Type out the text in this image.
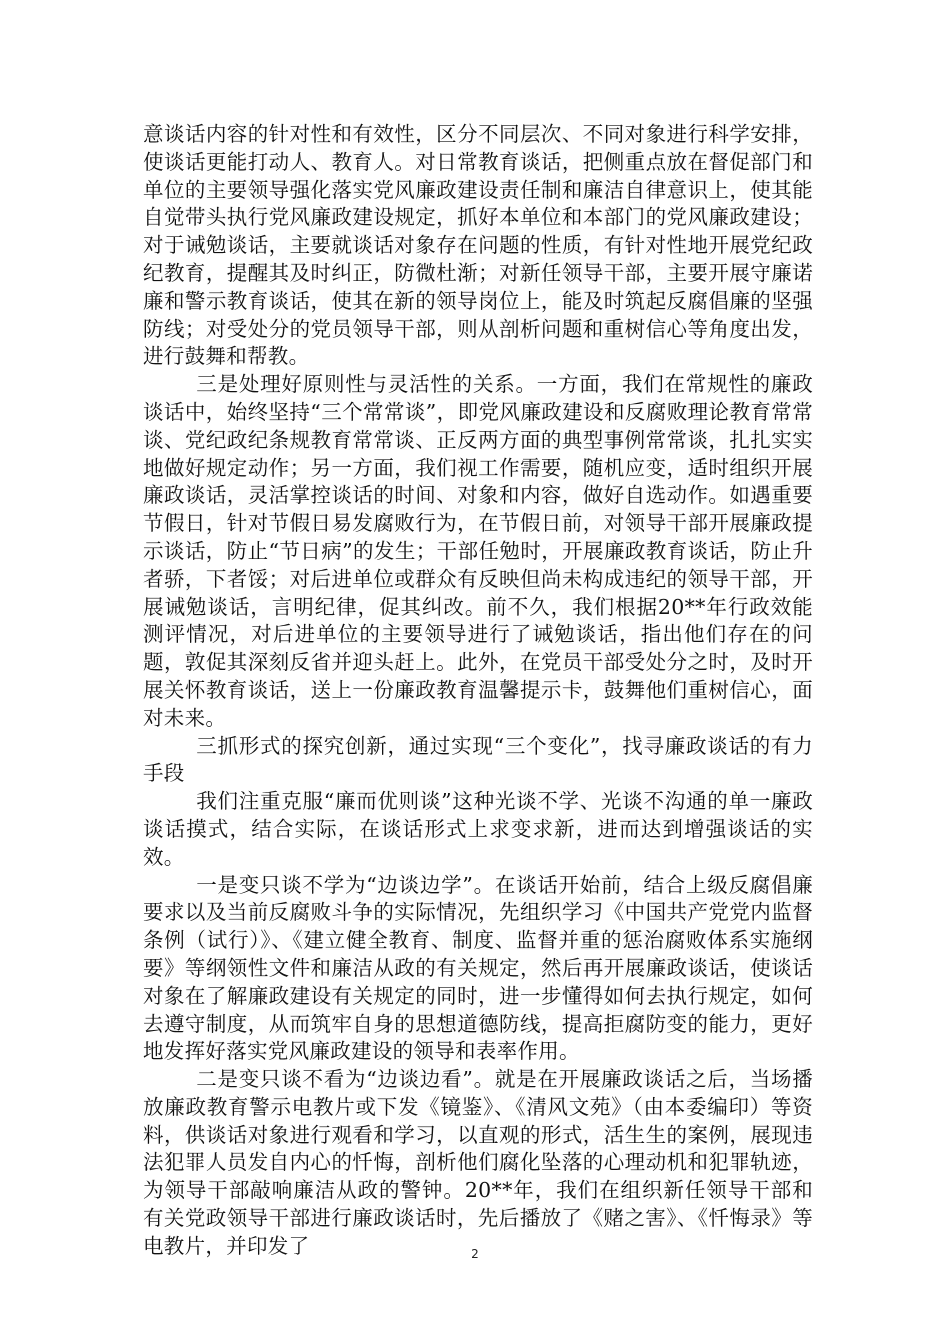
意谈话内容的针对性和有效性，区分不同层次、不同对象进行科学安排，使谈话更能打动人、教育人。对日常教育谈话，把侧重点放在督促部门和单位的主要领导强化落实党风廉政建设责任制和廉洁自律意识上，使其能自觉带头执行党风廉政建设规定，抓好本单位和本部门的党风廉政建设；对于诫勉谈话，主要就谈话对象存在问题的性质，有针对性地开展党纪政纪教育，提醒其及时纠正，防微杜渐；对新任领导干部，主要开展守廉诺廉和警示教育谈话，使其在新的领导岗位上，能及时筑起反腐倡廉的坚强防线；对受处分的党员领导干部，则从剖析问题和重树信心等角度出发，进行鼓舞和帮教。

三是处理好原则性与灵活性的关系。一方面，我们在常规性的廉政谈话中，始终坚持“三个常常谈”，即党风廉政建设和反腐败理论教育常常谈、党纪政纪条规教育常常谈、正反两方面的典型事例常常谈，扎扎实实地做好规定动作；另一方面，我们视工作需要，随机应变，适时组织开展廉政谈话，灵活掌控谈话的时间、对象和内容，做好自选动作。如遇重要节假日，针对节假日易发腐败行为，在节假日前，对领导干部开展廉政提示谈话，防止“节日病”的发生；干部任勉时，开展廉政教育谈话，防止升者骄，下者馁；对后进单位或群众有反映但尚未构成违纪的领导干部，开展诫勉谈话，言明纪律，促其纠改。前不久，我们根据20**年行政效能测评情况，对后进单位的主要领导进行了诫勉谈话，指出他们存在的问题，敦促其深刻反省并迎头赶上。此外，在党员干部受处分之时，及时开展关怀教育谈话，送上一份廉政教育温馨提示卡，鼓舞他们重树信心，面对未来。

三抓形式的探究创新，通过实现“三个变化”，找寻廉政谈话的有力手段

我们注重克服“廉而优则谈”这种光谈不学、光谈不沟通的单一廉政谈话摸式，结合实际，在谈话形式上求变求新，进而达到增强谈话的实效。

一是变只谈不学为“边谈边学”。在谈话开始前，结合上级反腐倡廉要求以及当前反腐败斗争的实际情况，先组织学习《中国共产党党内监督条例（试行）》、《建立健全教育、制度、监督并重的惩治腐败体系实施纲要》等纲领性文件和廉洁从政的有关规定，然后再开展廉政谈话，使谈话对象在了解廉政建设有关规定的同时，进一步懂得如何去执行规定，如何去遵守制度，从而筑牢自身的思想道德防线，提高拒腐防变的能力，更好地发挥好落实党风廉政建设的领导和表率作用。

二是变只谈不看为“边谈边看”。就是在开展廉政谈话之后，当场播放廉政教育警示电教片或下发《镜鉴》、《清风文苑》（由本委编印）等资料，供谈话对象进行观看和学习，以直观的形式，活生生的案例，展现违法犯罪人员发自内心的忏悔，剖析他们腐化坠落的心理动机和犯罪轨迹，为领导干部敲响廉洁从政的警钟。20**年，我们在组织新任领导干部和有关党政领导干部进行廉政谈话时，先后播放了《赌之害》、《忏悔录》等电教片，并印发了	2
